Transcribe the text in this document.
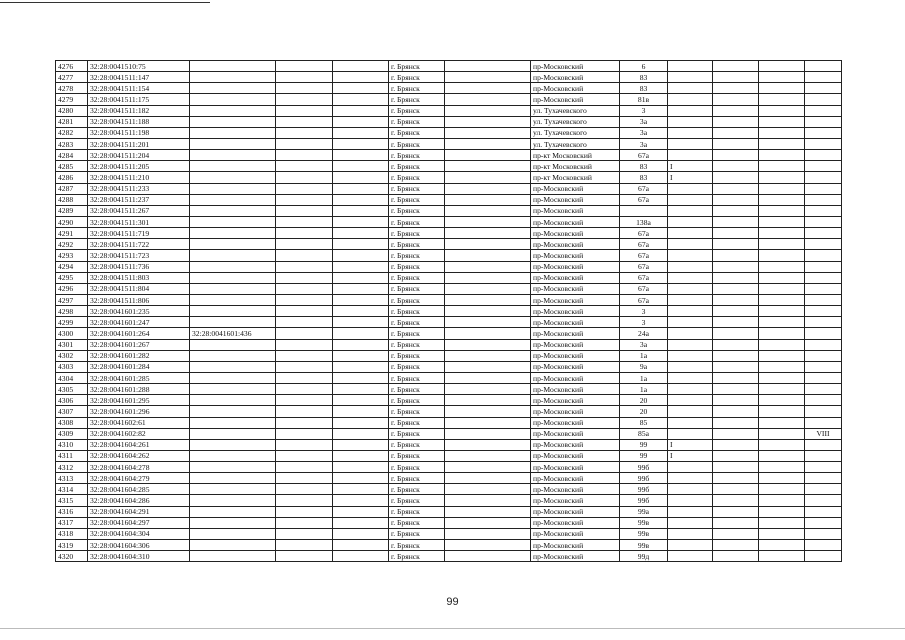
4276	32:28:0041510:75				г. Брянск		пр-Московский	6				
4277	32:28:0041511:147				г. Брянск		пр-Московский	83				
4278	32:28:0041511:154				г. Брянск		пр-Московский	83				
4279	32:28:0041511:175				г. Брянск		пр-Московский	81в				
4280	32:28:0041511:182				г. Брянск		ул. Тухачевского	3				
4281	32:28:0041511:188				г. Брянск		ул. Тухачевского	3а				
4282	32:28:0041511:198				г. Брянск		ул. Тухачевского	3а				
4283	32:28:0041511:201				г. Брянск		ул. Тухачевского	3а				
4284	32:28:0041511:204				г. Брянск		пр-кт Московский	67а				
4285	32:28:0041511:205				г. Брянск		пр-кт Московский	83	I			
4286	32:28:0041511:210				г. Брянск		пр-кт Московский	83	I			
4287	32:28:0041511:233				г. Брянск		пр-Московский	67а				
4288	32:28:0041511:237				г. Брянск		пр-Московский	67а				
4289	32:28:0041511:267				г. Брянск		пр-Московский					
4290	32:28:0041511:301				г. Брянск		пр-Московский	138а				
4291	32:28:0041511:719				г. Брянск		пр-Московский	67а				
4292	32:28:0041511:722				г. Брянск		пр-Московский	67а				
4293	32:28:0041511:723				г. Брянск		пр-Московский	67а				
4294	32:28:0041511:736				г. Брянск		пр-Московский	67а				
4295	32:28:0041511:803				г. Брянск		пр-Московский	67а				
4296	32:28:0041511:804				г. Брянск		пр-Московский	67а				
4297	32:28:0041511:806				г. Брянск		пр-Московский	67а				
4298	32:28:0041601:235				г. Брянск		пр-Московский	3				
4299	32:28:0041601:247				г. Брянск		пр-Московский	3				
4300	32:28:0041601:264	32:28:0041601:436			г. Брянск		пр-Московский	24а				
4301	32:28:0041601:267				г. Брянск		пр-Московский	3а				
4302	32:28:0041601:282				г. Брянск		пр-Московский	1а				
4303	32:28:0041601:284				г. Брянск		пр-Московский	9а				
4304	32:28:0041601:285				г. Брянск		пр-Московский	1а				
4305	32:28:0041601:288				г. Брянск		пр-Московский	1а				
4306	32:28:0041601:295				г. Брянск		пр-Московский	20				
4307	32:28:0041601:296				г. Брянск		пр-Московский	20				
4308	32:28:0041602:61				г. Брянск		пр-Московский	85				
4309	32:28:0041602:82				г. Брянск		пр-Московский	85а				VIII
4310	32:28:0041604:261				г. Брянск		пр-Московский	99	I			
4311	32:28:0041604:262				г. Брянск		пр-Московский	99	I			
4312	32:28:0041604:278				г. Брянск		пр-Московский	99б				
4313	32:28:0041604:279				г. Брянск		пр-Московский	99б				
4314	32:28:0041604:285				г. Брянск		пр-Московский	99б				
4315	32:28:0041604:286				г. Брянск		пр-Московский	99б				
4316	32:28:0041604:291				г. Брянск		пр-Московский	99а				
4317	32:28:0041604:297				г. Брянск		пр-Московский	99в				
4318	32:28:0041604:304				г. Брянск		пр-Московский	99в				
4319	32:28:0041604:306				г. Брянск		пр-Московский	99в				
4320	32:28:0041604:310				г. Брянск		пр-Московский	99д				
99
